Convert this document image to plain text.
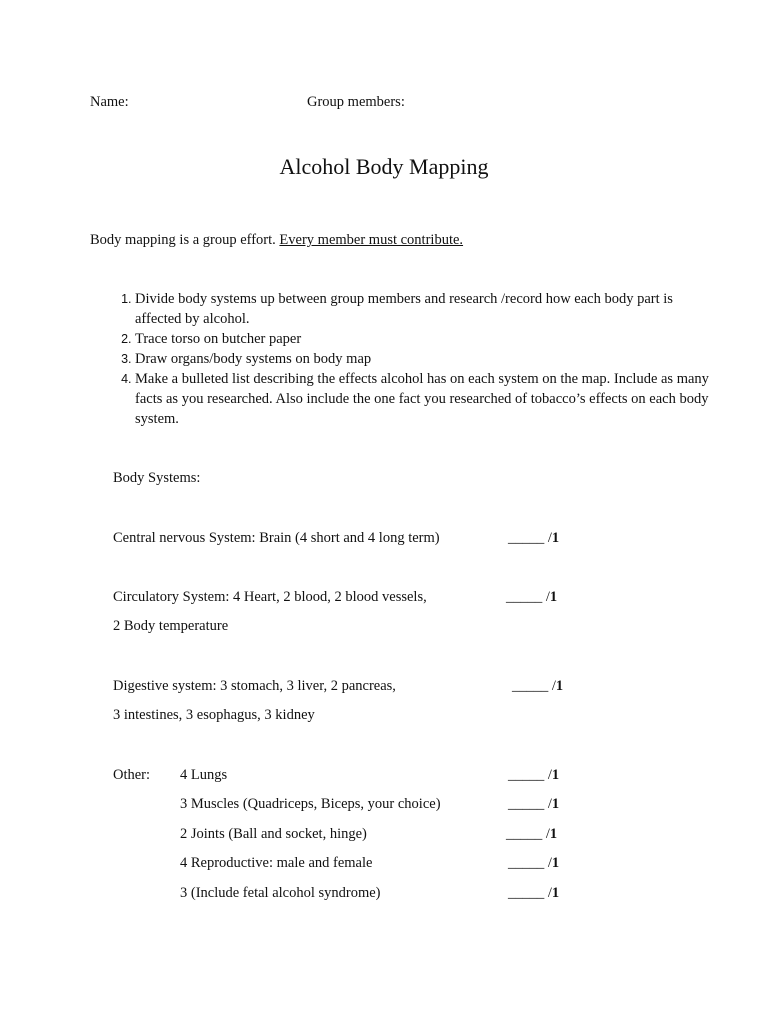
Name:	Group members:
Alcohol Body Mapping
Body mapping is a group effort. Every member must contribute.
1. Divide body systems up between group members and research /record how each body part is affected by alcohol.
2. Trace torso on butcher paper
3. Draw organs/body systems on body map
4. Make a bulleted list describing the effects alcohol has on each system on the map. Include as many facts as you researched. Also include the one fact you researched of tobacco’s effects on each body system.
Body Systems:
Central nervous System: Brain (4 short and 4 long term)	_____ /1
Circulatory System: 4 Heart, 2 blood, 2 blood vessels,	_____ /1
2 Body temperature
Digestive system: 3 stomach, 3 liver, 2 pancreas,	_____ /1
3 intestines, 3 esophagus, 3 kidney
Other: 4 Lungs	_____ /1
3 Muscles (Quadriceps, Biceps, your choice)	_____ /1
2 Joints (Ball and socket, hinge)	_____ /1
4 Reproductive: male and female	_____ /1
3 (Include fetal alcohol syndrome)	_____ /1
